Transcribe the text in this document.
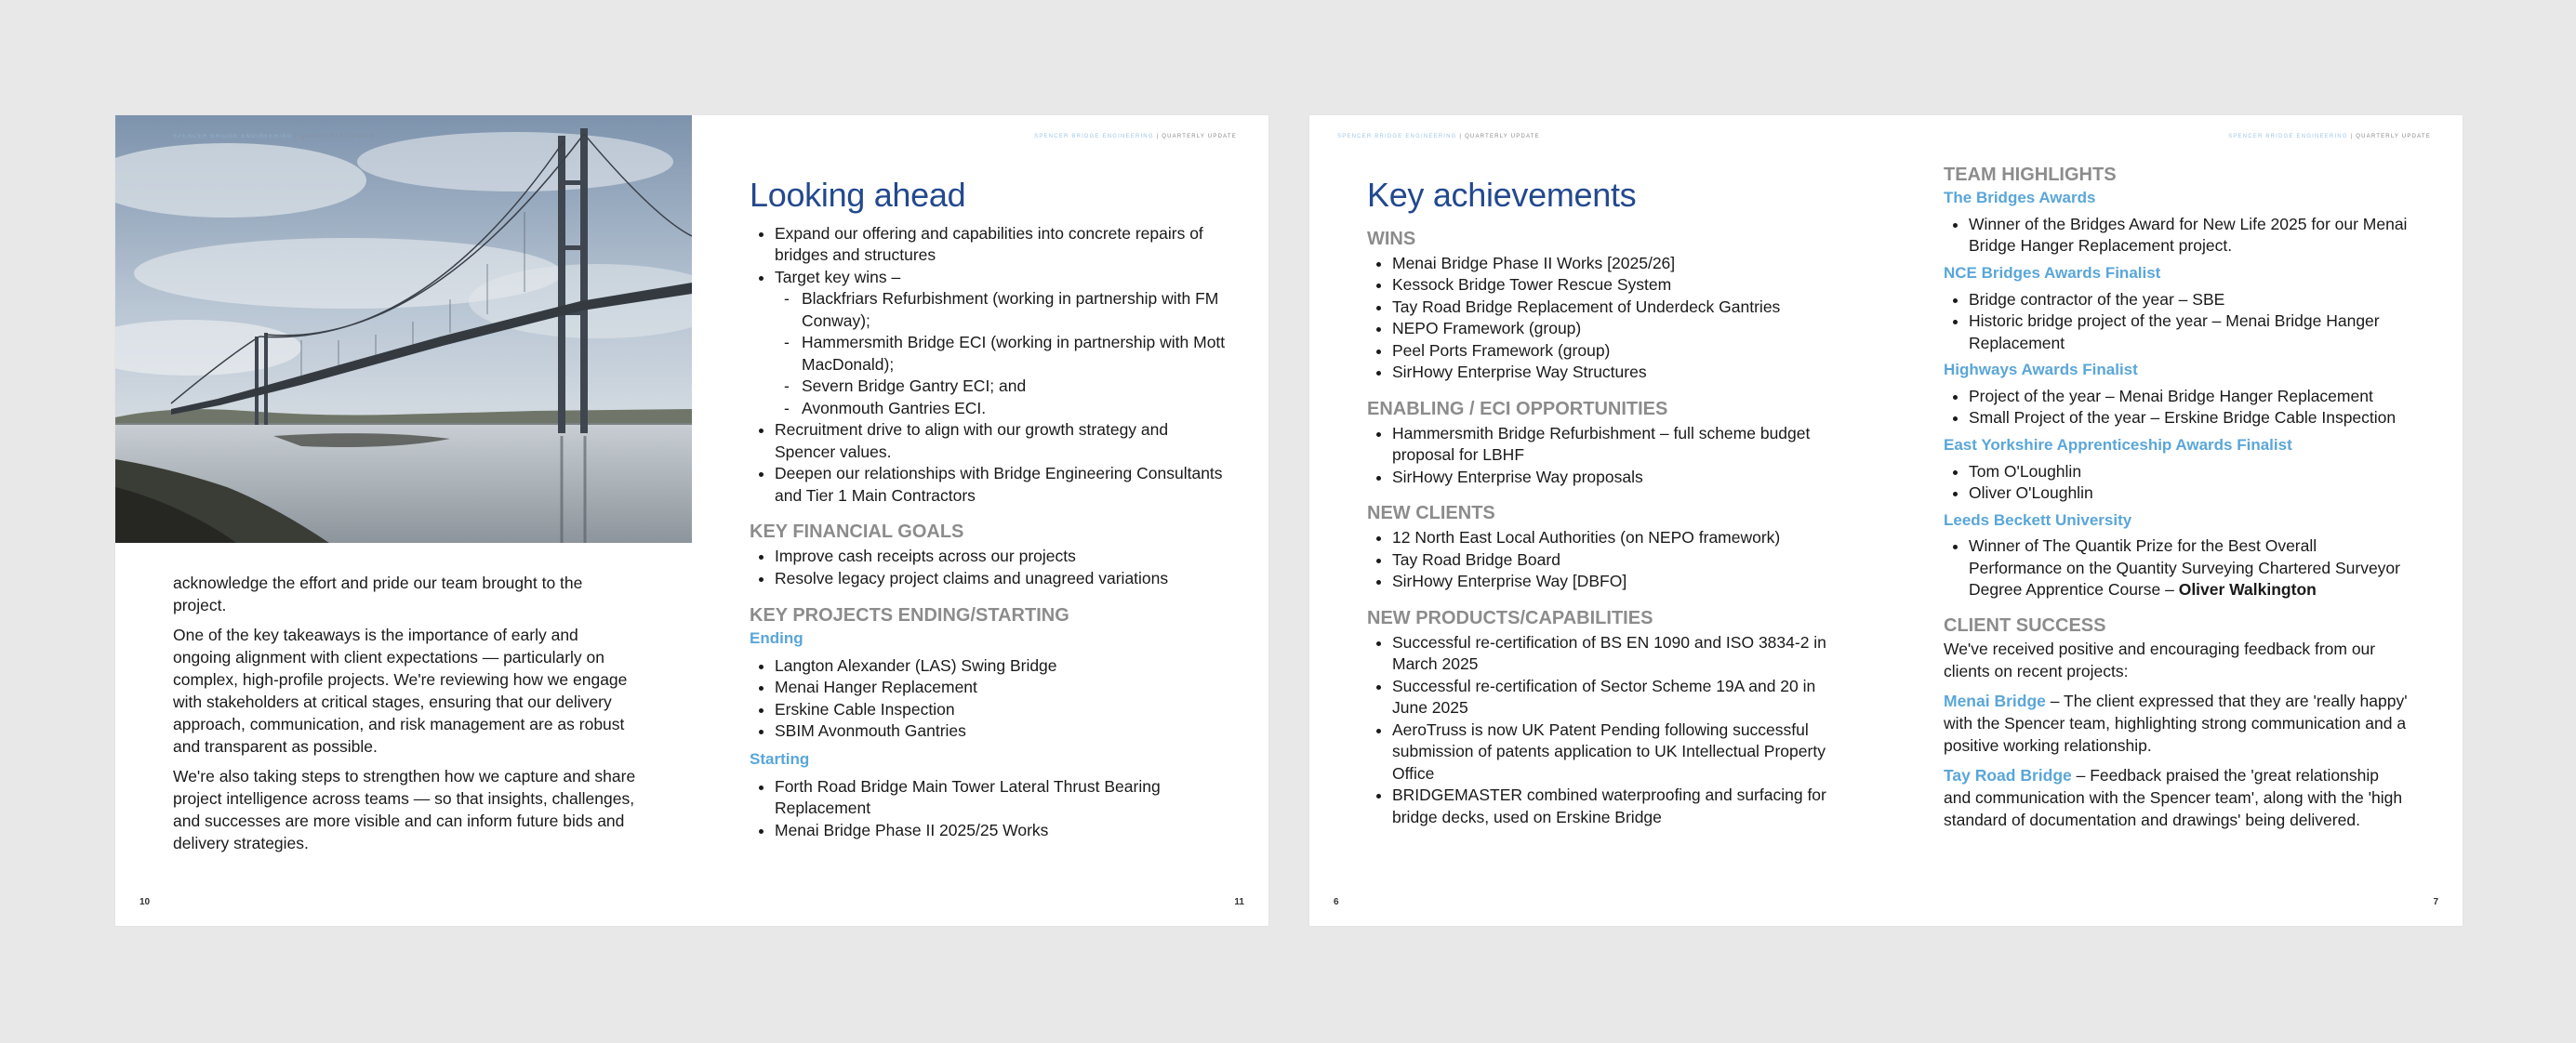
SPENCER BRIDGE ENGINEERING | QUARTERLY UPDATE

acknowledge the effort and pride our team brought to the project.

One of the key takeaways is the importance of early and ongoing alignment with client expectations — particularly on complex, high-profile projects. We're reviewing how we engage with stakeholders at critical stages, ensuring that our delivery approach, communication, and risk management are as robust and transparent as possible.

We're also taking steps to strengthen how we capture and share project intelligence across teams — so that insights, challenges, and successes are more visible and can inform future bids and delivery strategies.

10
SPENCER BRIDGE ENGINEERING | QUARTERLY UPDATE
Looking ahead
• Expand our offering and capabilities into concrete repairs of bridges and structures
• Target key wins –
- Blackfriars Refurbishment (working in partnership with FM Conway);
- Hammersmith Bridge ECI (working in partnership with Mott MacDonald);
- Severn Bridge Gantry ECI; and
- Avonmouth Gantries ECI.
• Recruitment drive to align with our growth strategy and Spencer values.
• Deepen our relationships with Bridge Engineering Consultants and Tier 1 Main Contractors
KEY FINANCIAL GOALS
• Improve cash receipts across our projects
• Resolve legacy project claims and unagreed variations
KEY PROJECTS ENDING/STARTING
Ending
• Langton Alexander (LAS) Swing Bridge
• Menai Hanger Replacement
• Erskine Cable Inspection
• SBIM Avonmouth Gantries
Starting
• Forth Road Bridge Main Tower Lateral Thrust Bearing Replacement
• Menai Bridge Phase II 2025/25 Works
11
SPENCER BRIDGE ENGINEERING | QUARTERLY UPDATE
Key achievements
WINS
• Menai Bridge Phase II Works [2025/26]
• Kessock Bridge Tower Rescue System
• Tay Road Bridge Replacement of Underdeck Gantries
• NEPO Framework (group)
• Peel Ports Framework (group)
• SirHowy Enterprise Way Structures
ENABLING / ECI OPPORTUNITIES
• Hammersmith Bridge Refurbishment – full scheme budget proposal for LBHF
• SirHowy Enterprise Way proposals
NEW CLIENTS
• 12 North East Local Authorities (on NEPO framework)
• Tay Road Bridge Board
• SirHowy Enterprise Way [DBFO]
NEW PRODUCTS/CAPABILITIES
• Successful re-certification of BS EN 1090 and ISO 3834-2 in March 2025
• Successful re-certification of Sector Scheme 19A and 20 in June 2025
• AeroTruss is now UK Patent Pending following successful submission of patents application to UK Intellectual Property Office
• BRIDGEMASTER combined waterproofing and surfacing for bridge decks, used on Erskine Bridge
6
SPENCER BRIDGE ENGINEERING | QUARTERLY UPDATE
TEAM HIGHLIGHTS
The Bridges Awards
• Winner of the Bridges Award for New Life 2025 for our Menai Bridge Hanger Replacement project.
NCE Bridges Awards Finalist
• Bridge contractor of the year – SBE
• Historic bridge project of the year – Menai Bridge Hanger Replacement
Highways Awards Finalist
• Project of the year – Menai Bridge Hanger Replacement
• Small Project of the year – Erskine Bridge Cable Inspection
East Yorkshire Apprenticeship Awards Finalist
• Tom O'Loughlin
• Oliver O'Loughlin
Leeds Beckett University
• Winner of The Quantik Prize for the Best Overall Performance on the Quantity Surveying Chartered Surveyor Degree Apprentice Course – Oliver Walkington
CLIENT SUCCESS

We've received positive and encouraging feedback from our clients on recent projects:

Menai Bridge – The client expressed that they are 'really happy' with the Spencer team, highlighting strong communication and a positive working relationship.

Tay Road Bridge – Feedback praised the 'great relationship and communication with the Spencer team', along with the 'high standard of documentation and drawings' being delivered.

7
